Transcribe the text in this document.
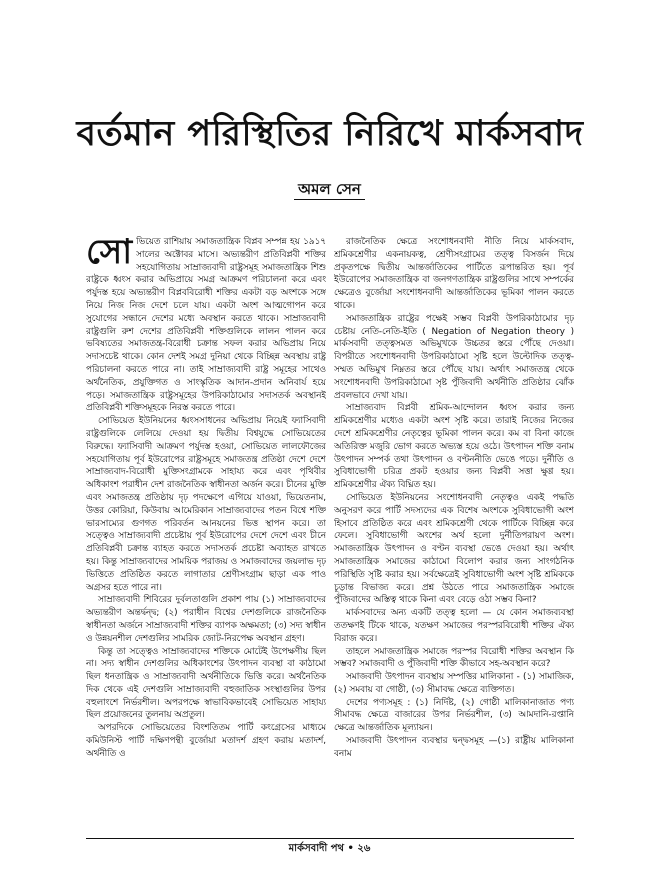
বর্তমান পরিস্থিতির নিরিখে মার্কসবাদ
অমল সেন

সোভিয়েত রাশিয়ায় সমাজতান্ত্রিক বিপ্লব সম্পন্ন হয় ১৯১৭ সালের অক্টোবর মাসে। অভ্যন্তরীণ প্রতিবিপ্লবী শক্তির সহযোগিতায় সাম্রাজ্যবাদী রাষ্ট্রসমূহ সমাজতান্ত্রিক শিশু রাষ্ট্রকে ধ্বংস করার অভিপ্রায়ে সমগ্র আক্রমণ পরিচালনা করে এবং পর্যুদস্ত হয়ে অভ্যন্তরীণ বিপ্লববিরোধী শক্তির একটা বড় অংশকে সঙ্গে নিয়ে নিজ নিজ দেশে চলে যায়। একটা অংশ আত্মগোপন করে সুযোগের সন্ধানে দেশের মধ্যে অবস্থান করতে থাকে। সাম্রাজ্যবাদী রাষ্ট্রগুলি রুশ দেশের প্রতিবিপ্লবী শক্তিগুলিকে লালন পালন করে ভবিষ্যতের সমাজতন্ত্র-বিরোধী চক্রান্ত সফল করার অভিপ্রায় নিয়ে সদাসচেষ্ট থাকে। কোন দেশই সমগ্র দুনিয়া থেকে বিচ্ছিন্ন অবস্থায় রাষ্ট্র পরিচালনা করতে পারে না। তাই সাম্রাজ্যবাদী রাষ্ট্র সমূহের সাথেও অর্থনৈতিক, প্রযুক্তিগত ও সাংস্কৃতিক আদান-প্রদান অনিবার্য হয়ে পড়ে। সমাজতান্ত্রিক রাষ্ট্রসমূহের উপরিকাঠামোর সদাসতর্ক অবস্থানই প্রতিবিপ্লবী শক্তিসমূহকে নিরস্ত করতে পারে।

সোভিয়েত ইউনিয়নের ধ্বংসসাধনের অভিপ্রায় নিয়েই ফ্যাসিবাদী রাষ্ট্রগুলিকে লেলিয়ে দেওয়া হয় দ্বিতীয় বিশ্বযুদ্ধে সোভিয়েতের বিরুদ্ধে। ফ্যাসিবাদী আক্রমণ পর্যুদস্ত হওয়া, সোভিয়েত লালফৌজের সহযোগিতায় পূর্ব ইউরোপের রাষ্ট্রসমূহে সমাজতন্ত্র প্রতিষ্ঠা দেশে দেশে সাম্রাজ্যবাদ-বিরোধী মুক্তিসংগ্রামকে সাহায্য করে এবং পৃথিবীর অধিকাংশ পরাধীন দেশ রাজনৈতিক স্বাধীনতা অর্জন করে। চীনের মুক্তি এবং সমাজতন্ত্র প্রতিষ্ঠায় দৃঢ় পদক্ষেপে এগিয়ে যাওয়া, ভিয়েতনাম, উত্তর কোরিয়া, কিউবায় আমেরিকান সাম্রাজ্যবাদের পতন বিশ্বে শক্তি ভারসাম্যের গুণগত পরিবর্তন আনয়নের ভিত্ত স্থাপন করে। তা সত্ত্বেও সাম্রাজ্যবাদী প্রচেষ্টায় পূর্ব ইউরোপের দেশে দেশে এবং চীনে প্রতিবিপ্লবী চক্রান্ত ব্যাহত করতে সদাসতর্ক প্রচেষ্টা অব্যাহত রাখতে হয়। কিন্তু সাম্রাজ্যবাদের সাময়িক পরাজয় ও সমাজবাদের জয়লাভ দৃঢ় ভিত্তিতে প্রতিষ্ঠিত করতে লাগাতার শ্রেণীসংগ্রাম ছাড়া এক পাও অগ্রসর হতে পারে না।

সাম্রাজ্যবাদী শিবিরের দুর্বলতাগুলি প্রকাশ পায় (১) সাম্রাজ্যবাদের অভ্যন্তরীণ অন্তর্দ্বন্দ্ব; (২) পরাধীন বিশ্বের দেশগুলিকে রাজনৈতিক স্বাধীনতা অর্জনে সাম্রাজ্যবাদী শক্তির ব্যাপক অক্ষমতা; (৩) সদ্য স্বাধীন ও উন্নয়নশীল দেশগুলির সামরিক জোট-নিরপেক্ষ অবস্থান গ্রহণ।

কিন্তু তা সত্ত্বেও সাম্রাজ্যবাদের শক্তিকে মোটেই উপেক্ষণীয় ছিল না। সদ্য স্বাধীন দেশগুলির অধিকাংশের উৎপাদন ব্যবস্থা বা কাঠামো ছিল ধনতান্ত্রিক ও সাম্রাজ্যবাদী অর্থনীতিকে ভিত্তি করে। অর্থনৈতিক দিক থেকে এই দেশগুলি সাম্রাজ্যবাদী বহুজাতিক সংস্থাগুলির উপর বহুলাংশে নির্ভরশীল। অপরপক্ষে স্বাভাবিকভাবেই সোভিয়েত সাহায্য ছিল প্রয়োজনের তুলনায় অপ্রতুল।

অপরদিকে সোভিয়েতের বিংশতিতম পার্টি কংগ্রেসের মাধ্যমে কমিউনিস্ট পার্টি দক্ষিণপন্থী বুর্জোয়া মতাদর্শ গ্রহণ করায় মতাদর্শ, অর্থনীতি ও

রাজনৈতিক ক্ষেত্রে সংশোধনবাদী নীতি নিয়ে মার্কসবাদ, শ্রমিকশ্রেণীর একনায়কত্ব, শ্রেণীসংগ্রামের তত্ত্ব বিসর্জন দিয়ে প্রকৃতপক্ষে দ্বিতীয় আন্তর্জাতিকের পার্টিতে রূপান্তরিত হয়। পূর্ব ইউরোপের সমাজতান্ত্রিক বা জনগণতান্ত্রিক রাষ্ট্রগুলির সাথে সম্পর্কের ক্ষেত্রেও বুর্জোয়া সংশোধনবাদী আন্তর্জাতিকের ভূমিকা পালন করতে থাকে।

সমাজতান্ত্রিক রাষ্ট্রের পক্ষেই সম্ভব বিপ্লবী উপরিকাঠামোর দৃঢ় চেষ্টায় নেতি-নেতি-ইতি ( Negation of Negation theory ) মার্কসবাদী তত্ত্বসমত অভিমুখকে উচ্চতর স্তরে পৌঁছে দেওয়া। বিপরীতে সংশোধনবাদী উপরিকাঠামো সৃষ্টি হলে উল্টোদিক তত্ত্ব- সম্মত অভিমুখ নিম্নতর স্তরে পৌঁছে যায়। অর্থাৎ সমাজতন্ত্র থেকে সংশোধনবাদী উপরিকাঠামো সৃষ্ট পুঁজিবাদী অর্থনীতি প্রতিষ্ঠার ঝোঁক প্রবলভাবে দেখা যায়।

সাম্রাজ্যবাদ বিপ্লবী শ্রমিক-আন্দোলন ধ্বংস করার জন্য শ্রমিকশ্রেণীর মধ্যেও একটা অংশ সৃষ্টি করে। তারাই নিজের নিজের দেশে শ্রমিকশ্রেণীর নেতৃত্বের ভূমিকা পালন করে। কম বা বিনা কাজে অতিরিক্ত মজুরি ভোগ করতে অভ্যস্ত হয়ে ওঠে। উৎপাদন শক্তি বনাম উৎপাদন সম্পর্ক তথা উৎপাদন ও বণ্টননীতি ভেঙে পড়ে। দুর্নীতি ও সুবিধাভোগী চরিত্র প্রকট হওয়ার জন্য বিপ্লবী সত্তা ক্ষুণ্ণ হয়। শ্রমিকশ্রেণীর ঐক্য বিঘ্নিত হয়।

সোভিয়েত ইউনিয়নের সংশোধনবাদী নেতৃত্বও একই পদ্ধতি অনুসরণ করে পার্টি সদস্যদের এক বিশেষ অংশকে সুবিধাভোগী অংশ হিসাবে প্রতিষ্ঠিত করে এবং শ্রমিকশ্রেণী থেকে পার্টিকে বিচ্ছিন্ন করে ফেলে। সুবিধাভোগী অংশের অর্থ হলো দুর্নীতিপরায়ণ অংশ। সমাজতান্ত্রিক উৎপাদন ও বণ্টন ব্যবস্থা ভেঙে দেওয়া হয়। অর্থাৎ সমাজতান্ত্রিক সমাজের কাঠামো বিলোপ করার জন্য সাংগঠনিক পরিস্থিতি সৃষ্টি করার হয়। সর্বক্ষেত্রেই সুবিধাভোগী অংশ সৃষ্টি শ্রমিককে চূড়ান্ত বিভাজ্য করে। প্রশ্ন উঠতে পারে সমাজতান্ত্রিক সমাজে পুঁজিবাদের অস্তিত্ব থাকে কিনা এবং বেড়ে ওঠা সম্ভব কিনা?

মার্কসবাদের অন্য একটি তত্ত্ব হলো — যে কোন সমাজব্যবস্থা ততক্ষণই টিকে থাকে, যতক্ষণ সমাজের পরস্পরবিরোধী শক্তির ঐক্য বিরাজ করে।

তাহলে সমাজতান্ত্রিক সমাজে পরস্পর বিরোধী শক্তির অবস্থান কি সম্ভব? সমাজবাদী ও পুঁজিবাদী শক্তি কীভাবে সহ-অবস্থান করে?

সমাজবাদী উৎপাদন ব্যবস্থায় সম্পত্তির মালিকানা - (১) সামাজিক, (২) সমবায় বা গোষ্ঠী, (৩) সীমাবদ্ধ ক্ষেত্রে ব্যক্তিগত।

দেশের পণ্যসমূহ : (১) নির্দিষ্ট, (২) গোষ্ঠী মালিকানাজাত পণ্য সীমাবদ্ধ ক্ষেত্রে বাজারের উপর নির্ভরশীল, (৩) আমদানি-রপ্তানি ক্ষেত্রে আন্তর্জাতিক মূল্যায়ন।

সমাজবাদী উৎপাদন ব্যবস্থার দ্বন্দ্বসমূহ —(১) রাষ্ট্রীয় মালিকানা বনাম

মার্কসবাদী পথ • ২৬
